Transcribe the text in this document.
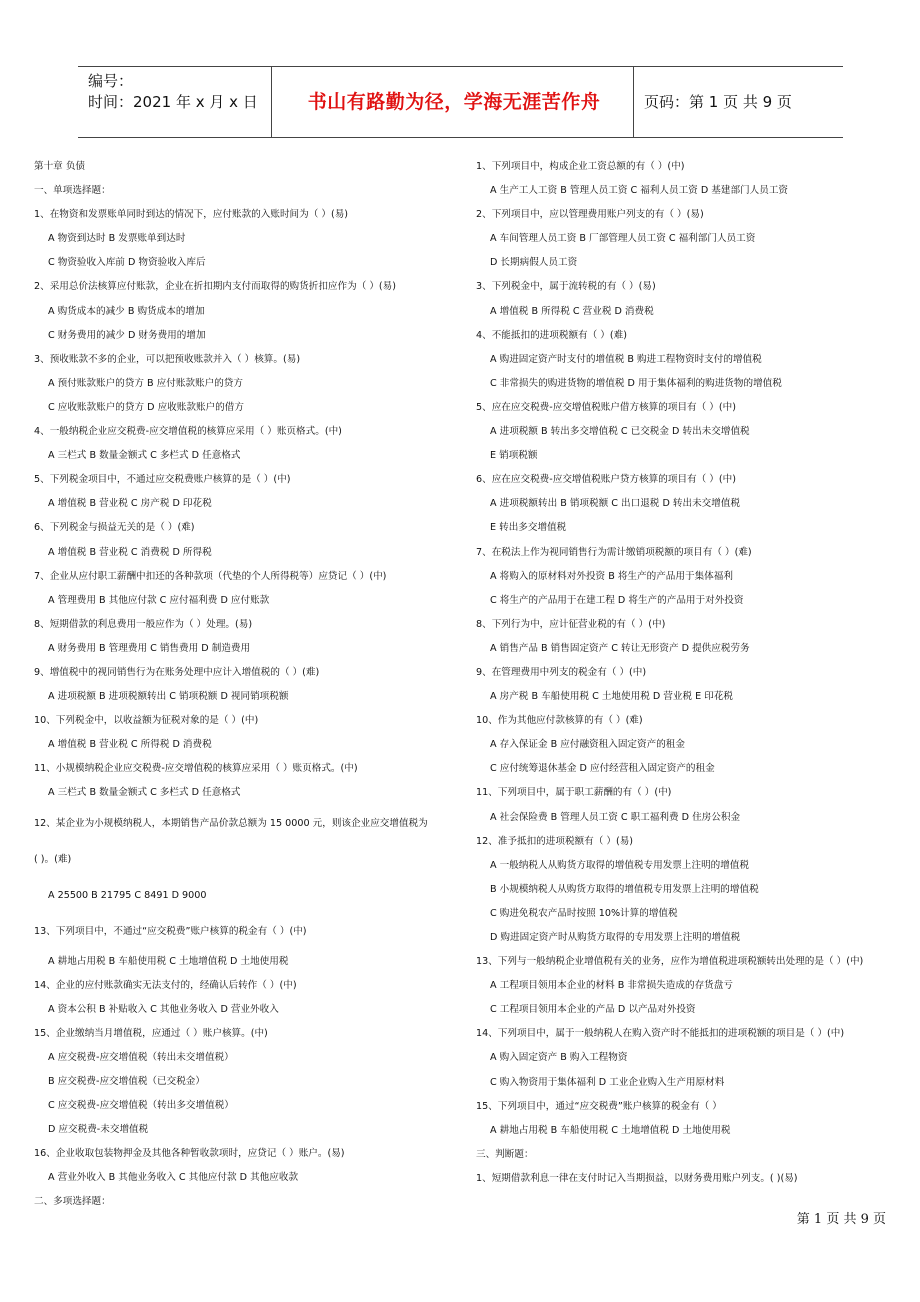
编号：
时间：2021 年 x 月 x 日	书山有路勤为径，学海无涯苦作舟	页码：第 1 页 共 9 页
第十章 负债
一、单项选择题：
1、在物资和发票账单同时到达的情况下，应付账款的入账时间为（ ）(易)
A 物资到达时 B 发票账单到达时
C 物资验收入库前 D 物资验收入库后
2、采用总价法核算应付账款，企业在折扣期内支付而取得的购货折扣应作为（ ）(易)
A 购货成本的减少 B 购货成本的增加
C 财务费用的减少 D 财务费用的增加
3、预收账款不多的企业，可以把预收账款并入（ ）核算。(易)
A 预付账款账户的贷方 B 应付账款账户的贷方
C 应收账款账户的贷方 D 应收账款账户的借方
4、一般纳税企业应交税费-应交增值税的核算应采用（ ）账页格式。(中)
A 三栏式 B 数量金额式 C 多栏式 D 任意格式
5、下列税金项目中，不通过应交税费账户核算的是（ ）(中)
A 增值税 B 营业税 C 房产税 D 印花税
6、下列税金与损益无关的是（ ）(难)
A 增值税 B 营业税 C 消费税 D 所得税
7、企业从应付职工薪酬中扣还的各种款项（代垫的个人所得税等）应贷记（ ）(中)
A 管理费用 B 其他应付款 C 应付福利费 D 应付账款
8、短期借款的利息费用一般应作为（ ）处理。(易)
A 财务费用 B 管理费用 C 销售费用 D 制造费用
9、增值税中的视同销售行为在账务处理中应计入增值税的（ ）(难)
A 进项税额 B 进项税额转出 C 销项税额 D 视同销项税额
10、下列税金中，以收益额为征税对象的是（ ）(中)
A 增值税 B 营业税 C 所得税 D 消费税
11、小规模纳税企业应交税费-应交增值税的核算应采用（ ）账页格式。(中)
A 三栏式 B 数量金额式 C 多栏式 D 任意格式
12、某企业为小规模纳税人，本期销售产品价款总额为 15 0000 元，则该企业应交增值税为
( )。(难)
A 25500 B 21795 C 8491 D 9000
13、下列项目中，不通过“应交税费”账户核算的税金有（ ）(中)
A 耕地占用税 B 车船使用税 C 土地增值税 D 土地使用税
14、企业的应付账款确实无法支付的，经确认后转作（ ）(中)
A 资本公积 B 补贴收入 C 其他业务收入 D 营业外收入
15、企业缴纳当月增值税，应通过（ ）账户核算。(中)
A 应交税费-应交增值税（转出未交增值税）
B 应交税费-应交增值税（已交税金）
C 应交税费-应交增值税（转出多交增值税）
D 应交税费-未交增值税
16、企业收取包装物押金及其他各种暂收款项时，应贷记（ ）账户。(易)
A 营业外收入 B 其他业务收入 C 其他应付款 D 其他应收款
二、多项选择题：
1、下列项目中，构成企业工资总额的有（ ）(中)
A 生产工人工资 B 管理人员工资 C 福利人员工资 D 基建部门人员工资
2、下列项目中，应以管理费用账户列支的有（ ）(易)
A 车间管理人员工资 B 厂部管理人员工资 C 福利部门人员工资
D 长期病假人员工资
3、下列税金中，属于流转税的有（ ）(易)
A 增值税 B 所得税 C 营业税 D 消费税
4、不能抵扣的进项税额有（ ）(难)
A 购进固定资产时支付的增值税 B 购进工程物资时支付的增值税
C 非常损失的购进货物的增值税 D 用于集体福利的购进货物的增值税
5、应在应交税费-应交增值税账户借方核算的项目有（ ）(中)
A 进项税额 B 转出多交增值税 C 已交税金 D 转出未交增值税
E 销项税额
6、应在应交税费-应交增值税账户贷方核算的项目有（ ）(中)
A 进项税额转出 B 销项税额 C 出口退税 D 转出未交增值税
E 转出多交增值税
7、在税法上作为视同销售行为需计缴销项税额的项目有（ ）(难)
A 将购入的原材料对外投资 B 将生产的产品用于集体福利
C 将生产的产品用于在建工程 D 将生产的产品用于对外投资
8、下列行为中，应计征营业税的有（ ）(中)
A 销售产品 B 销售固定资产 C 转让无形资产 D 提供应税劳务
9、在管理费用中列支的税金有（ ）(中)
A 房产税 B 车船使用税 C 土地使用税 D 营业税 E 印花税
10、作为其他应付款核算的有（ ）(难)
A 存入保证金 B 应付融资租入固定资产的租金
C 应付统筹退休基金 D 应付经营租入固定资产的租金
11、下列项目中，属于职工薪酬的有（ ）(中)
A 社会保险费 B 管理人员工资 C 职工福利费 D 住房公积金
12、准予抵扣的进项税额有（ ）(易)
A 一般纳税人从购货方取得的增值税专用发票上注明的增值税
B 小规模纳税人从购货方取得的增值税专用发票上注明的增值税
C 购进免税农产品时按照 10%计算的增值税
D 购进固定资产时从购货方取得的专用发票上注明的增值税
13、下列与一般纳税企业增值税有关的业务，应作为增值税进项税额转出处理的是（ ）(中)
A 工程项目领用本企业的材料 B 非常损失造成的存货盘亏
C 工程项目领用本企业的产品 D 以产品对外投资
14、下列项目中，属于一般纳税人在购入资产时不能抵扣的进项税额的项目是（ ）(中)
A 购入固定资产 B 购入工程物资
C 购入物资用于集体福利 D 工业企业购入生产用原材料
15、下列项目中，通过“应交税费”账户核算的税金有（ ）
A 耕地占用税 B 车船使用税 C 土地增值税 D 土地使用税
三、判断题：
1、短期借款利息一律在支付时记入当期损益，以财务费用账户列支。( )(易)
第 1 页 共 9 页
